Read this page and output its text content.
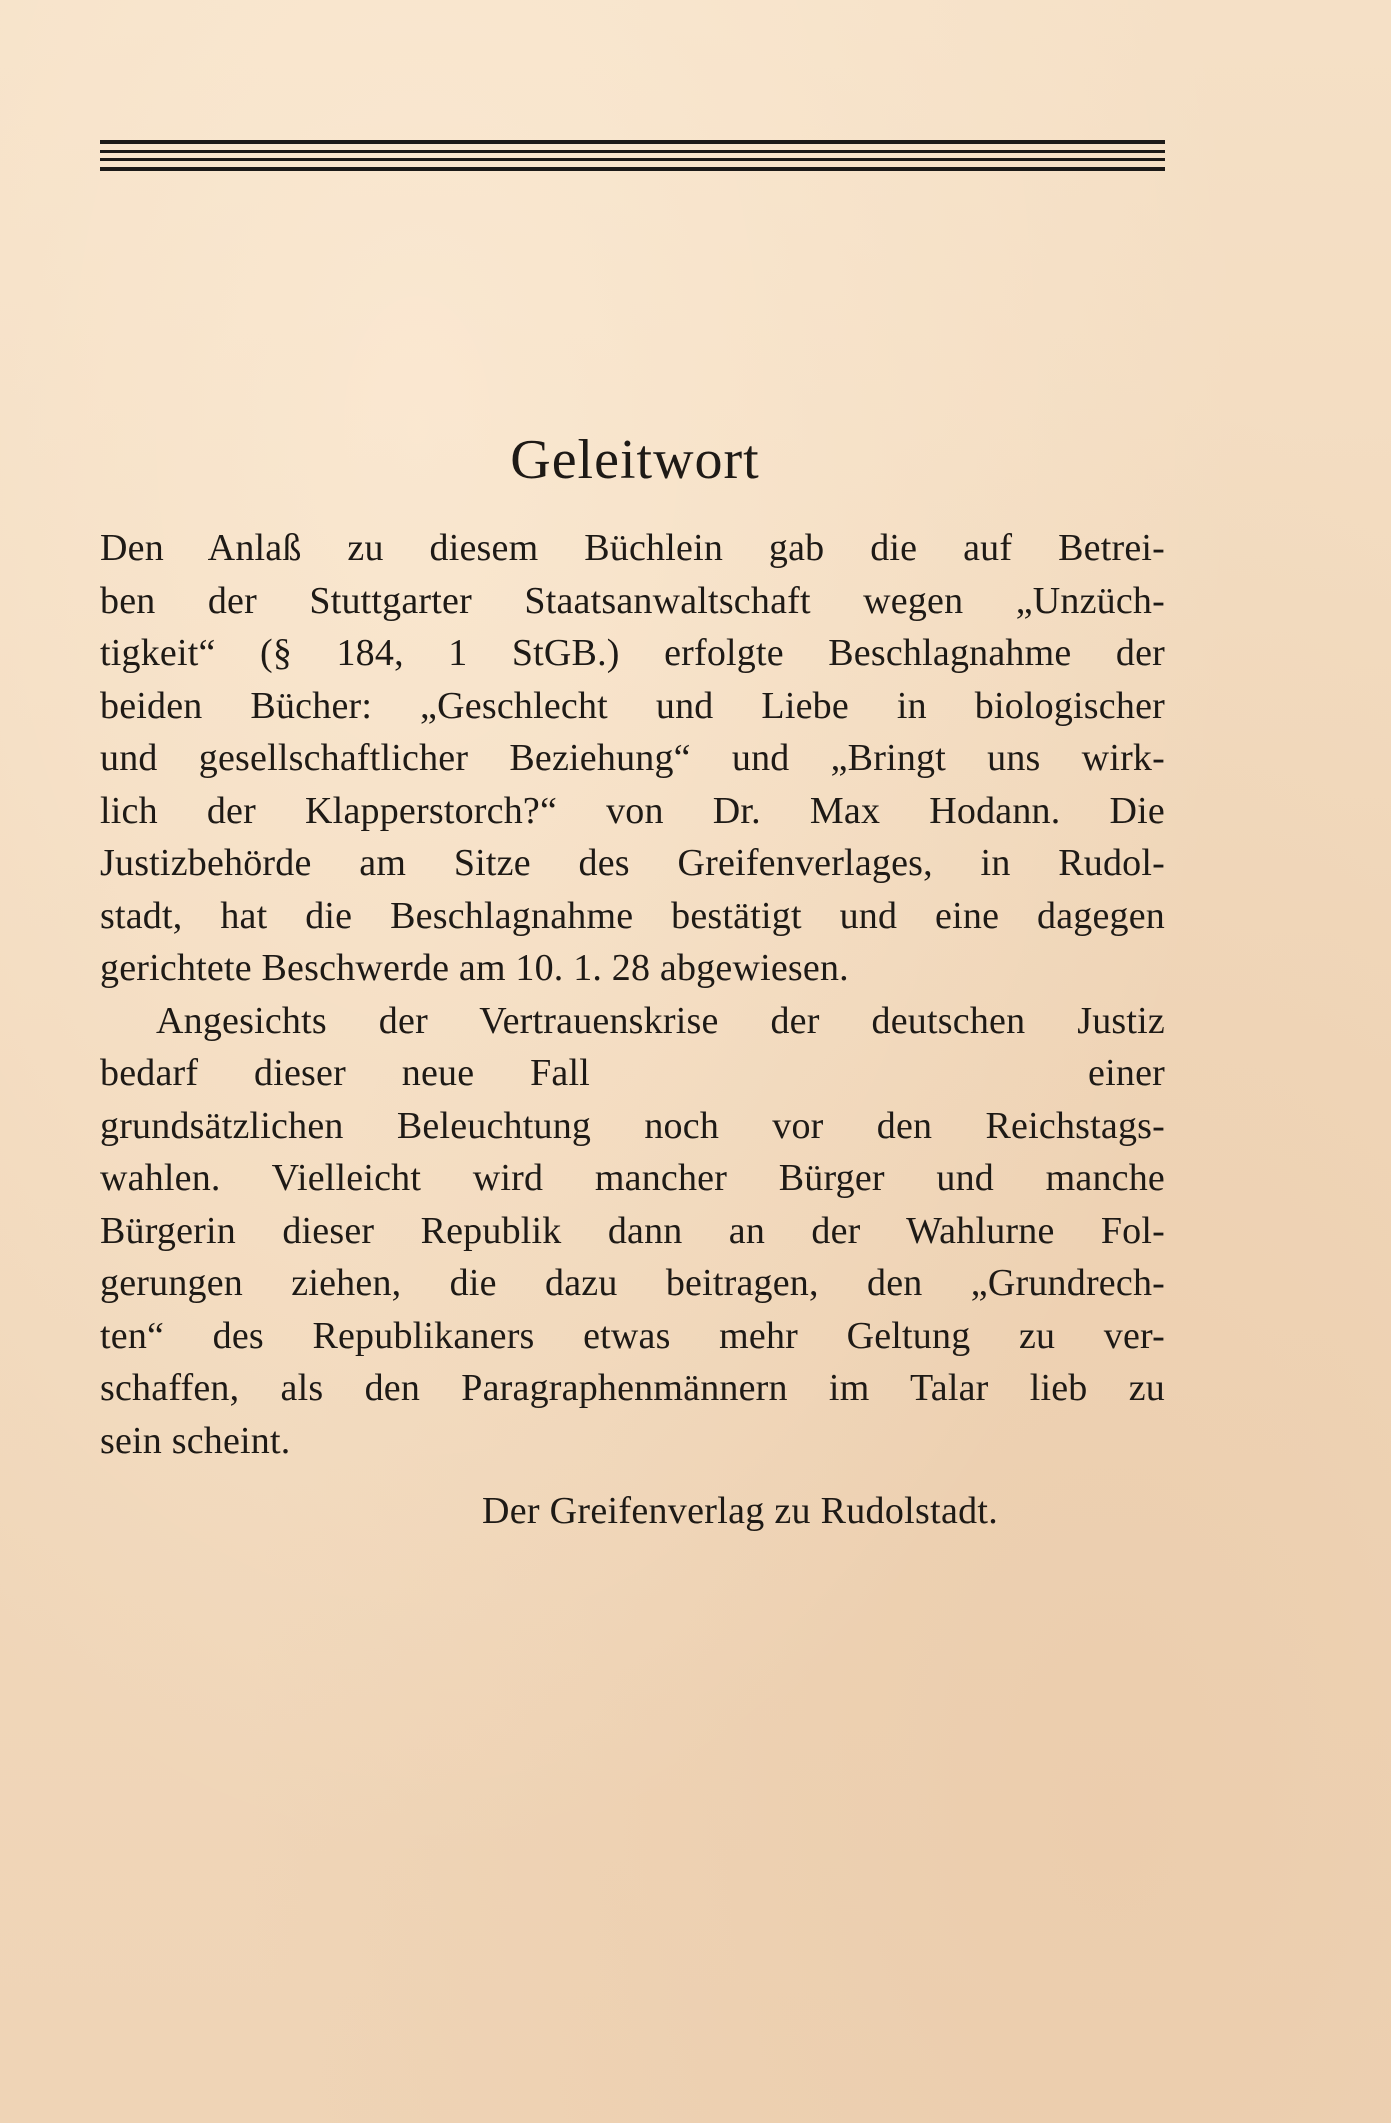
Geleitwort
Den Anlaß zu diesem Büchlein gab die auf Betrei-
ben der Stuttgarter Staatsanwaltschaft wegen „Unzüch-
tigkeit“ (§ 184, 1 StGB.) erfolgte Beschlagnahme der
beiden Bücher: „Geschlecht und Liebe in biologischer
und gesellschaftlicher Beziehung“ und „Bringt uns wirk-
lich der Klapperstorch?“ von Dr. Max Hodann. Die
Justizbehörde am Sitze des Greifenverlages, in Rudol-
stadt, hat die Beschlagnahme bestätigt und eine dagegen
gerichtete Beschwerde am 10. 1. 28 abgewiesen.
Angesichts der Vertrauenskrise der deutschen Justiz
bedarf dieser neue Fall	einer
grundsätzlichen Beleuchtung noch vor den Reichstags-
wahlen. Vielleicht wird mancher Bürger und manche
Bürgerin dieser Republik dann an der Wahlurne Fol-
gerungen ziehen, die dazu beitragen, den „Grundrech-
ten“ des Republikaners etwas mehr Geltung zu ver-
schaffen, als den Paragraphenmännern im Talar lieb zu
sein scheint.
Der Greifenverlag zu Rudolstadt.
